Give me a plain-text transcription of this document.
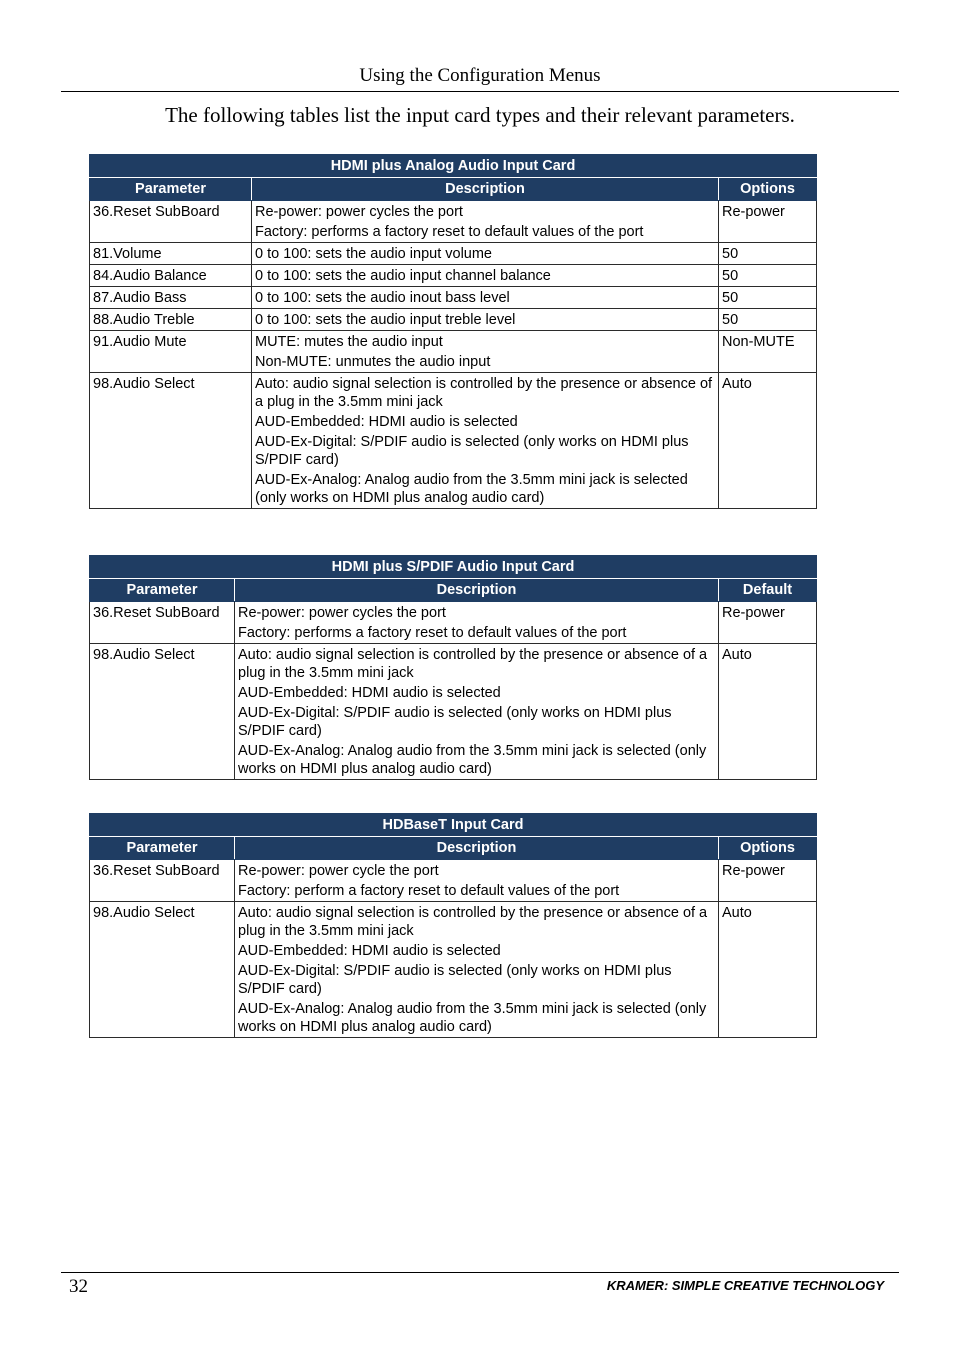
Using the Configuration Menus
The following tables list the input card types and their relevant parameters.
HDMI plus Analog Audio Input Card		
Parameter	Description	Options
36.Reset SubBoard	Re-power: power cycles the port

Factory: performs a factory reset to default values of the port	Re-power
81.Volume	0 to 100: sets the audio input volume	50
84.Audio Balance	0 to 100: sets the audio input channel balance	50
87.Audio Bass	0 to 100: sets the audio inout bass level	50
88.Audio Treble	0 to 100: sets the audio input treble level	50
91.Audio Mute	MUTE: mutes the audio input

Non-MUTE: unmutes the audio input	Non-MUTE
98.Audio Select	Auto: audio signal selection is controlled by the presence or absence of a plug in the 3.5mm mini jack

AUD-Embedded: HDMI audio is selected

AUD-Ex-Digital: S/PDIF audio is selected (only works on HDMI plus S/PDIF card)

AUD-Ex-Analog: Analog audio from the 3.5mm mini jack is selected (only works on HDMI plus analog audio card)	Auto
HDMI plus S/PDIF Audio Input Card		
Parameter	Description	Default
36.Reset SubBoard	Re-power: power cycles the port

Factory: performs a factory reset to default values of the port	Re-power
98.Audio Select	Auto: audio signal selection is controlled by the presence or absence of a plug in the 3.5mm mini jack

AUD-Embedded: HDMI audio is selected

AUD-Ex-Digital: S/PDIF audio is selected (only works on HDMI plus S/PDIF card)

AUD-Ex-Analog: Analog audio from the 3.5mm mini jack is selected (only works on HDMI plus analog audio card)	Auto
HDBaseT Input Card		
Parameter	Description	Options
36.Reset SubBoard	Re-power: power cycle the port

Factory: perform a factory reset to default values of the port	Re-power
98.Audio Select	Auto: audio signal selection is controlled by the presence or absence of a plug in the 3.5mm mini jack

AUD-Embedded: HDMI audio is selected

AUD-Ex-Digital: S/PDIF audio is selected (only works on HDMI plus S/PDIF card)

AUD-Ex-Analog: Analog audio from the 3.5mm mini jack is selected (only works on HDMI plus analog audio card)	Auto
32	KRAMER: SIMPLE CREATIVE TECHNOLOGY
